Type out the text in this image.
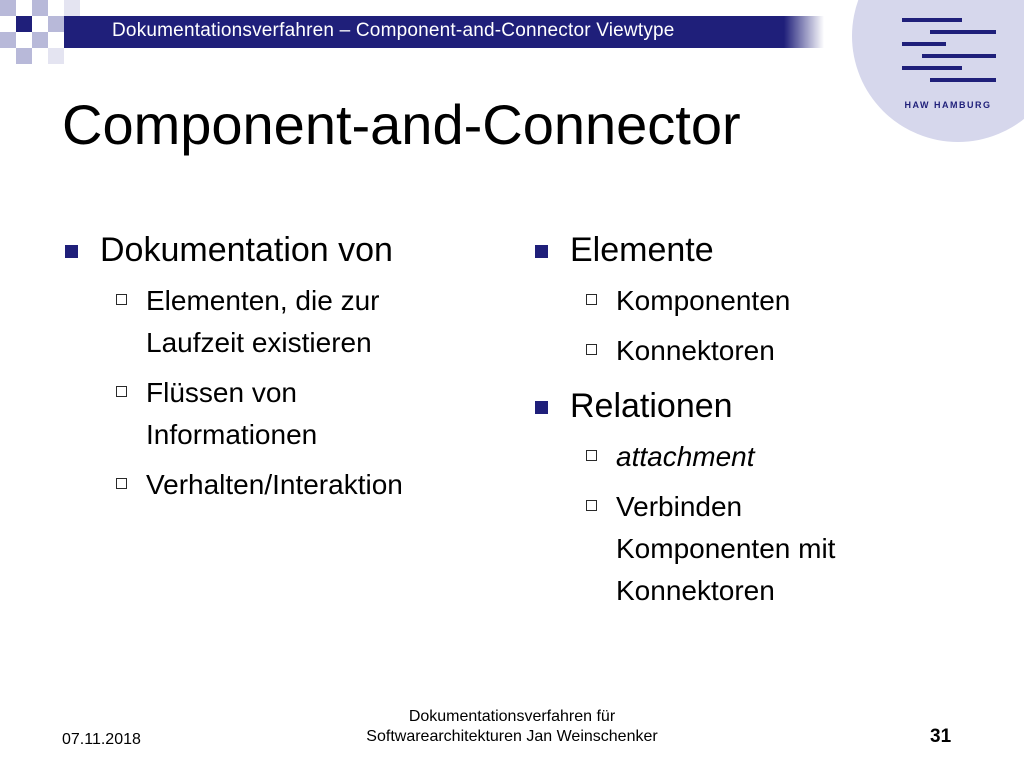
Dokumentationsverfahren – Component-and-Connector Viewtype
HAW HAMBURG
Component-and-Connector
Dokumentation von
Elementen, die zur Laufzeit existieren
Flüssen von Informationen
Verhalten/Interaktion
Elemente
Komponenten
Konnektoren
Relationen
attachment
Verbinden Komponenten mit Konnektoren
07.11.2018
Dokumentationsverfahren für
Softwarearchitekturen Jan Weinschenker	31
